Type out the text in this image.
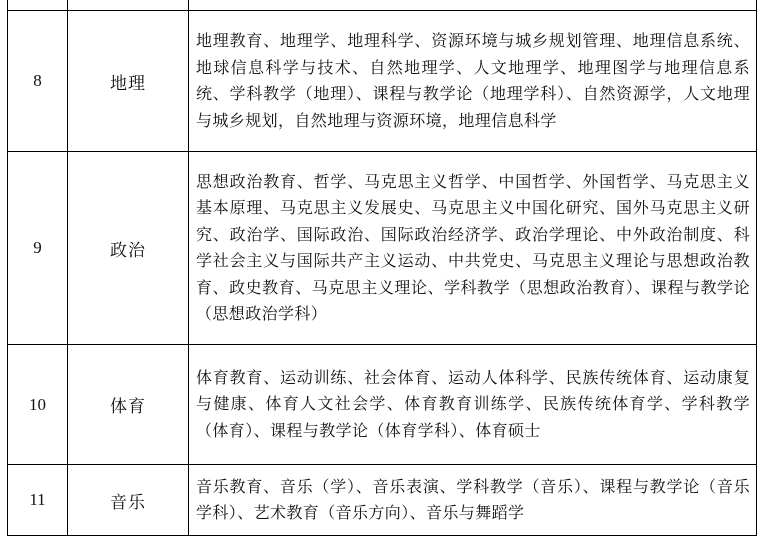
8	地理	地理教育、地理学、地理科学、资源环境与城乡规划管理、地理信息系统、地球信息科学与技术、自然地理学、人文地理学、地理图学与地理信息系统、学科教学（地理）、课程与教学论（地理学科）、自然资源学，人文地理与城乡规划，自然地理与资源环境，地理信息科学
9	政治	思想政治教育、哲学、马克思主义哲学、中国哲学、外国哲学、马克思主义基本原理、马克思主义发展史、马克思主义中国化研究、国外马克思主义研究、政治学、国际政治、国际政治经济学、政治学理论、中外政治制度、科学社会主义与国际共产主义运动、中共党史、马克思主义理论与思想政治教育、政史教育、马克思主义理论、学科教学（思想政治教育）、课程与教学论（思想政治学科）
10	体育	体育教育、运动训练、社会体育、运动人体科学、民族传统体育、运动康复与健康、体育人文社会学、体育教育训练学、民族传统体育学、学科教学（体育）、课程与教学论（体育学科）、体育硕士
11	音乐	音乐教育、音乐（学）、音乐表演、学科教学（音乐）、课程与教学论（音乐学科）、艺术教育（音乐方向）、音乐与舞蹈学
